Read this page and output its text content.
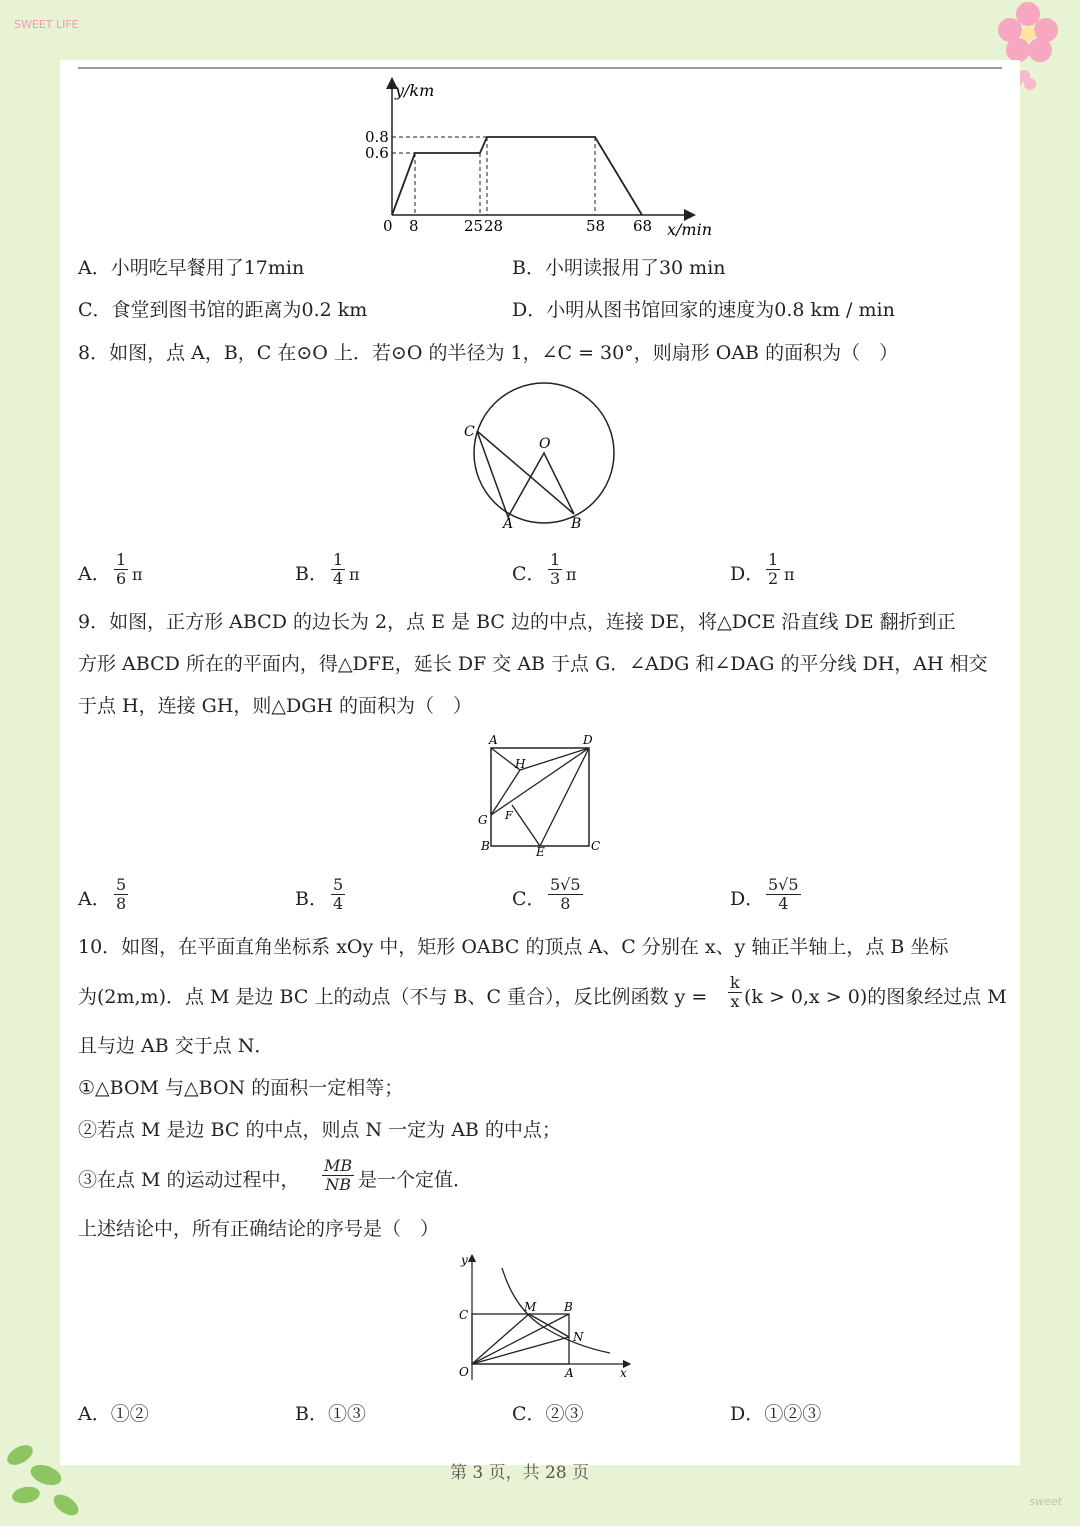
SWEET LIFE
sweet
y/km
0.8
0.6
0 8	25 28	58 68 x/min
A．小明吃早餐用了17min	B．小明读报用了30 min
C．食堂到图书馆的距离为0.2 km	D．小明从图书馆回家的速度为0.8 km / min
8．如图，点 A，B，C 在⊙O 上．若⊙O 的半径为 1，∠C = 30°，则扇形 OAB 的面积为（　）
C
O
A	B
A． $\frac{1}{6}$ π	B． $\frac{1}{4}$ π	C． $\frac{1}{3}$ π	D． $\frac{1}{2}$ π
9．如图，正方形 ABCD 的边长为 2，点 E 是 BC 边的中点，连接 DE，将△DCE 沿直线 DE 翻折到正
方形 ABCD 所在的平面内，得△DFE，延长 DF 交 AB 于点 G．∠ADG 和∠DAG 的平分线 DH，AH 相交
于点 H，连接 GH，则△DGH 的面积为（　）
A	D
H
G F
B	E	C
A． $\frac{5}{8}$	B． $\frac{5}{4}$	C． $\frac{5√5}{8}$	D． $\frac{5√5}{4}$
10．如图，在平面直角坐标系 xOy 中，矩形 OABC 的顶点 A、C 分别在 x、y 轴正半轴上，点 B 坐标
为(2m,m)．点 M 是边 BC 上的动点（不与 B、C 重合），反比例函数 $y = \frac{k}{x} (k > 0,x > 0)$的图象经过点 M
且与边 AB 交于点 N．
①△BOM 与△BON 的面积一定相等；
②若点 M 是边 BC 的中点，则点 N 一定为 AB 的中点；
③在点 M 的运动过程中， $\frac{MB}{NB}$ 是一个定值．
上述结论中，所有正确结论的序号是（　）
y
C
M B
N
O	A	x
A．①②	B．①③	C．②③	D．①②③
第 3 页，共 28 页
